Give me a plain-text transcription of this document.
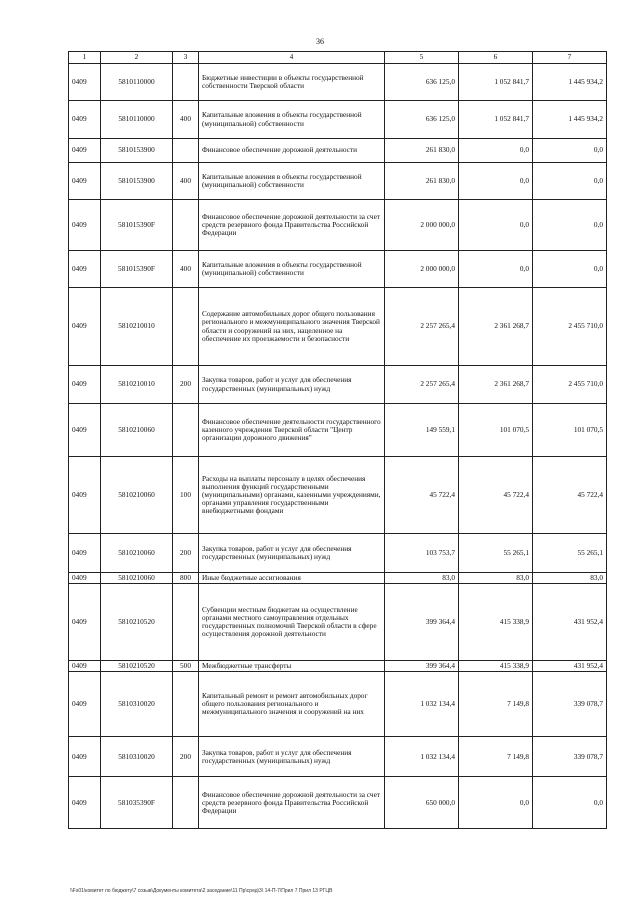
36
1	2	3	4	5	6	7
0409	5810110000		Бюджетные инвестиции в объекты государственной собственности Тверской области	636 125,0	1 052 841,7	1 445 934,2
0409	5810110000	400	Капитальные вложения в объекты государственной (муниципальной) собственности	636 125,0	1 052 841,7	1 445 934,2
0409	5810153900		Финансовое обеспечение дорожной деятельности	261 830,0	0,0	0,0
0409	5810153900	400	Капитальные вложения в объекты государственной (муниципальной) собственности	261 830,0	0,0	0,0
0409	581015390F		Финансовое обеспечение дорожной деятельности за счет средств резервного фонда Правительства Российской Федерации	2 000 000,0	0,0	0,0
0409	581015390F	400	Капитальные вложения в объекты государственной (муниципальной) собственности	2 000 000,0	0,0	0,0
0409	5810210010		Содержание автомобильных дорог общего пользования регионального и межмуниципального значения Тверской области и сооружений на них, нацеленное на обеспечение их проезжаемости и безопасности	2 257 265,4	2 361 268,7	2 455 710,0
0409	5810210010	200	Закупка товаров, работ и услуг для обеспечения государственных (муниципальных) нужд	2 257 265,4	2 361 268,7	2 455 710,0
0409	5810210060		Финансовое обеспечение деятельности государственного казенного учреждения Тверской области "Центр организации дорожного движения"	149 559,1	101 070,5	101 070,5
0409	5810210060	100	Расходы на выплаты персоналу в целях обеспечения выполнения функций государственными (муниципальными) органами, казенными учреждениями, органами управления государственными внебюджетными фондами	45 722,4	45 722,4	45 722,4
0409	5810210060	200	Закупка товаров, работ и услуг для обеспечения государственных (муниципальных) нужд	103 753,7	55 265,1	55 265,1
0409	5810210060	800	Иные бюджетные ассигнования	83,0	83,0	83,0
0409	5810210520		Субвенции местным бюджетам на осуществление органами местного самоуправления отдельных государственных полномочий Тверской области в сфере осуществления дорожной деятельности	399 364,4	415 338,9	431 952,4
0409	5810210520	500	Межбюджетные трансферты	399 364,4	415 338,9	431 952,4
0409	5810310020		Капитальный ремонт и ремонт автомобильных дорог общего пользования регионального и межмуниципального значения и сооружений на них	1 032 134,4	7 149,8	339 078,7
0409	5810310020	200	Закупка товаров, работ и услуг для обеспечения государственных (муниципальных) нужд	1 032 134,4	7 149,8	339 078,7
0409	581035390F		Финансовое обеспечение дорожной деятельности за счет средств резервного фонда Правительства Российской Федерации	650 000,0	0,0	0,0
\\Fs01\комитет по бюджету\7 созыв\Документы комитета\2 заседание\11 Пр\сред\3\ 14-П-7\Прил 7 Прил 13 РГЦВ
